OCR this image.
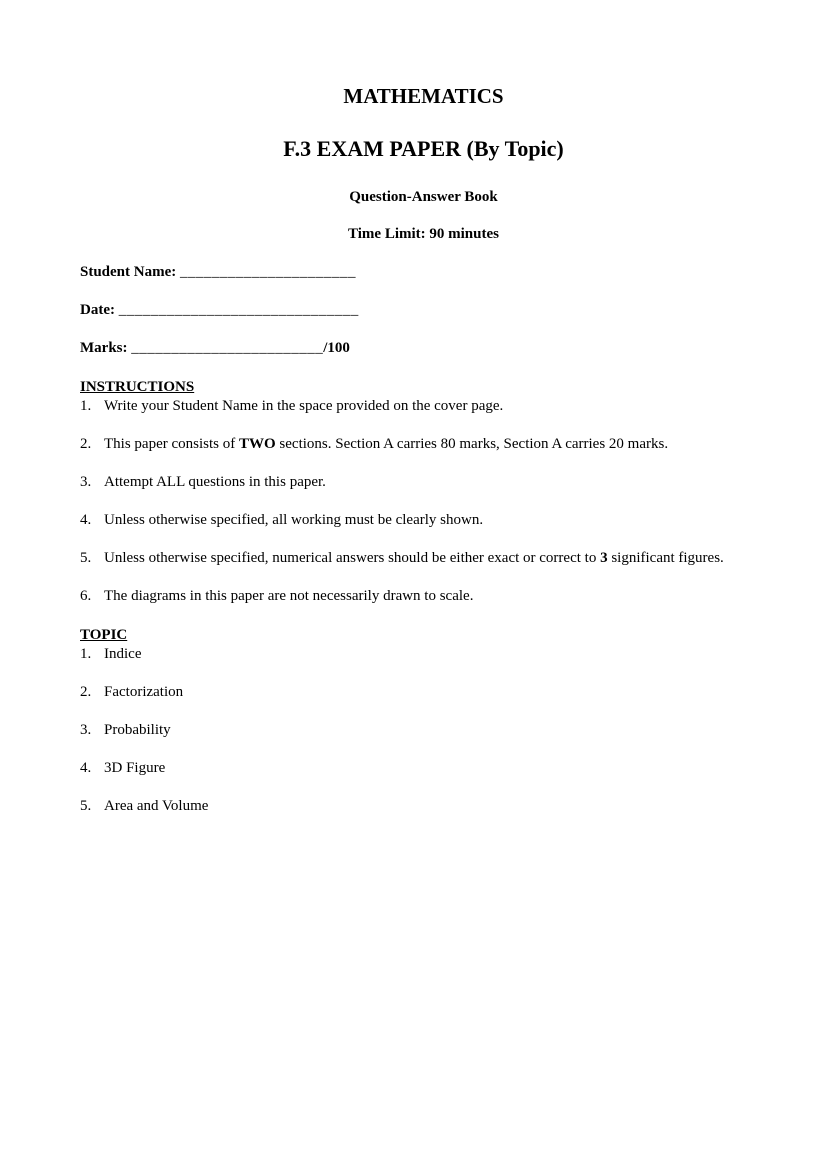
MATHEMATICS
F.3 EXAM PAPER (By Topic)
Question-Answer Book
Time Limit: 90 minutes
Student Name: ______________________
Date: ______________________________
Marks: ________________________/100
INSTRUCTIONS
1. Write your Student Name in the space provided on the cover page.
2. This paper consists of TWO sections. Section A carries 80 marks, Section A carries 20 marks.
3. Attempt ALL questions in this paper.
4. Unless otherwise specified, all working must be clearly shown.
5. Unless otherwise specified, numerical answers should be either exact or correct to 3 significant figures.
6. The diagrams in this paper are not necessarily drawn to scale.
TOPIC
1. Indice
2. Factorization
3. Probability
4. 3D Figure
5. Area and Volume
